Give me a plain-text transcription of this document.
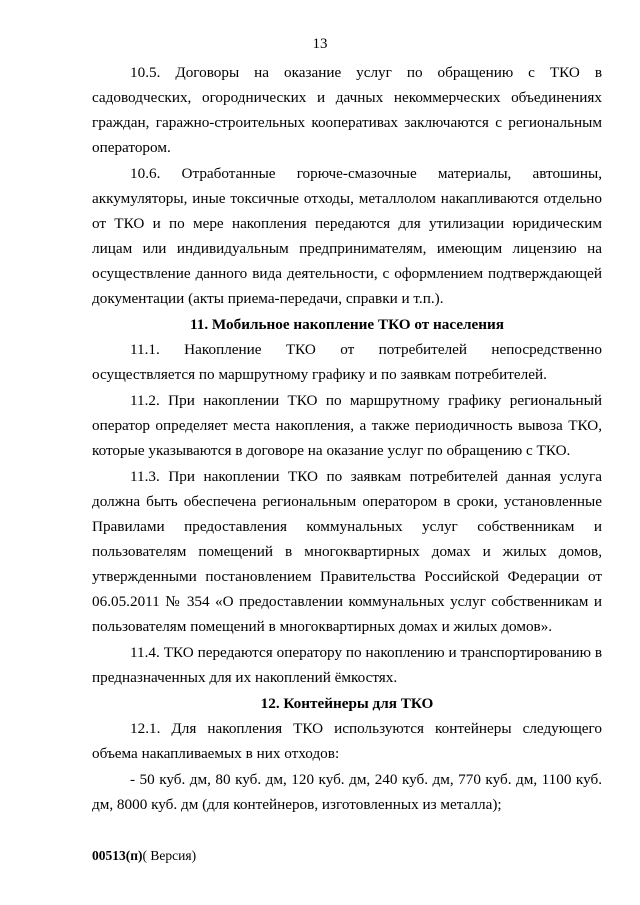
13

10.5. Договоры на оказание услуг по обращению с ТКО в садоводческих, огороднических и дачных некоммерческих объединениях граждан, гаражно-строительных кооперативах заключаются с региональным оператором.

10.6. Отработанные горюче-смазочные материалы, автошины, аккумуляторы, иные токсичные отходы, металлолом накапливаются отдельно от ТКО и по мере накопления передаются для утилизации юридическим лицам или индивидуальным предпринимателям, имеющим лицензию на осуществление данного вида деятельности, с оформлением подтверждающей документации (акты приема-передачи, справки и т.п.).

11. Мобильное накопление ТКО от населения

11.1. Накопление ТКО от потребителей непосредственно осуществляется по маршрутному графику и по заявкам потребителей.

11.2. При накоплении ТКО по маршрутному графику региональный оператор определяет места накопления, а также периодичность вывоза ТКО, которые указываются в договоре на оказание услуг по обращению с ТКО.

11.3. При накоплении ТКО по заявкам потребителей данная услуга должна быть обеспечена региональным оператором в сроки, установленные Правилами предоставления коммунальных услуг собственникам и пользователям помещений в многоквартирных домах и жилых домов, утвержденными постановлением Правительства Российской Федерации от 06.05.2011 № 354 «О предоставлении коммунальных услуг собственникам и пользователям помещений в многоквартирных домах и жилых домов».

11.4. ТКО передаются оператору по накоплению и транспортированию в предназначенных для их накоплений ёмкостях.

12. Контейнеры для ТКО

12.1. Для накопления ТКО используются контейнеры следующего объема накапливаемых в них отходов:

- 50 куб. дм, 80 куб. дм, 120 куб. дм, 240 куб. дм, 770 куб. дм, 1100 куб. дм, 8000 куб. дм (для контейнеров, изготовленных из металла);

00513(п)( Версия)
